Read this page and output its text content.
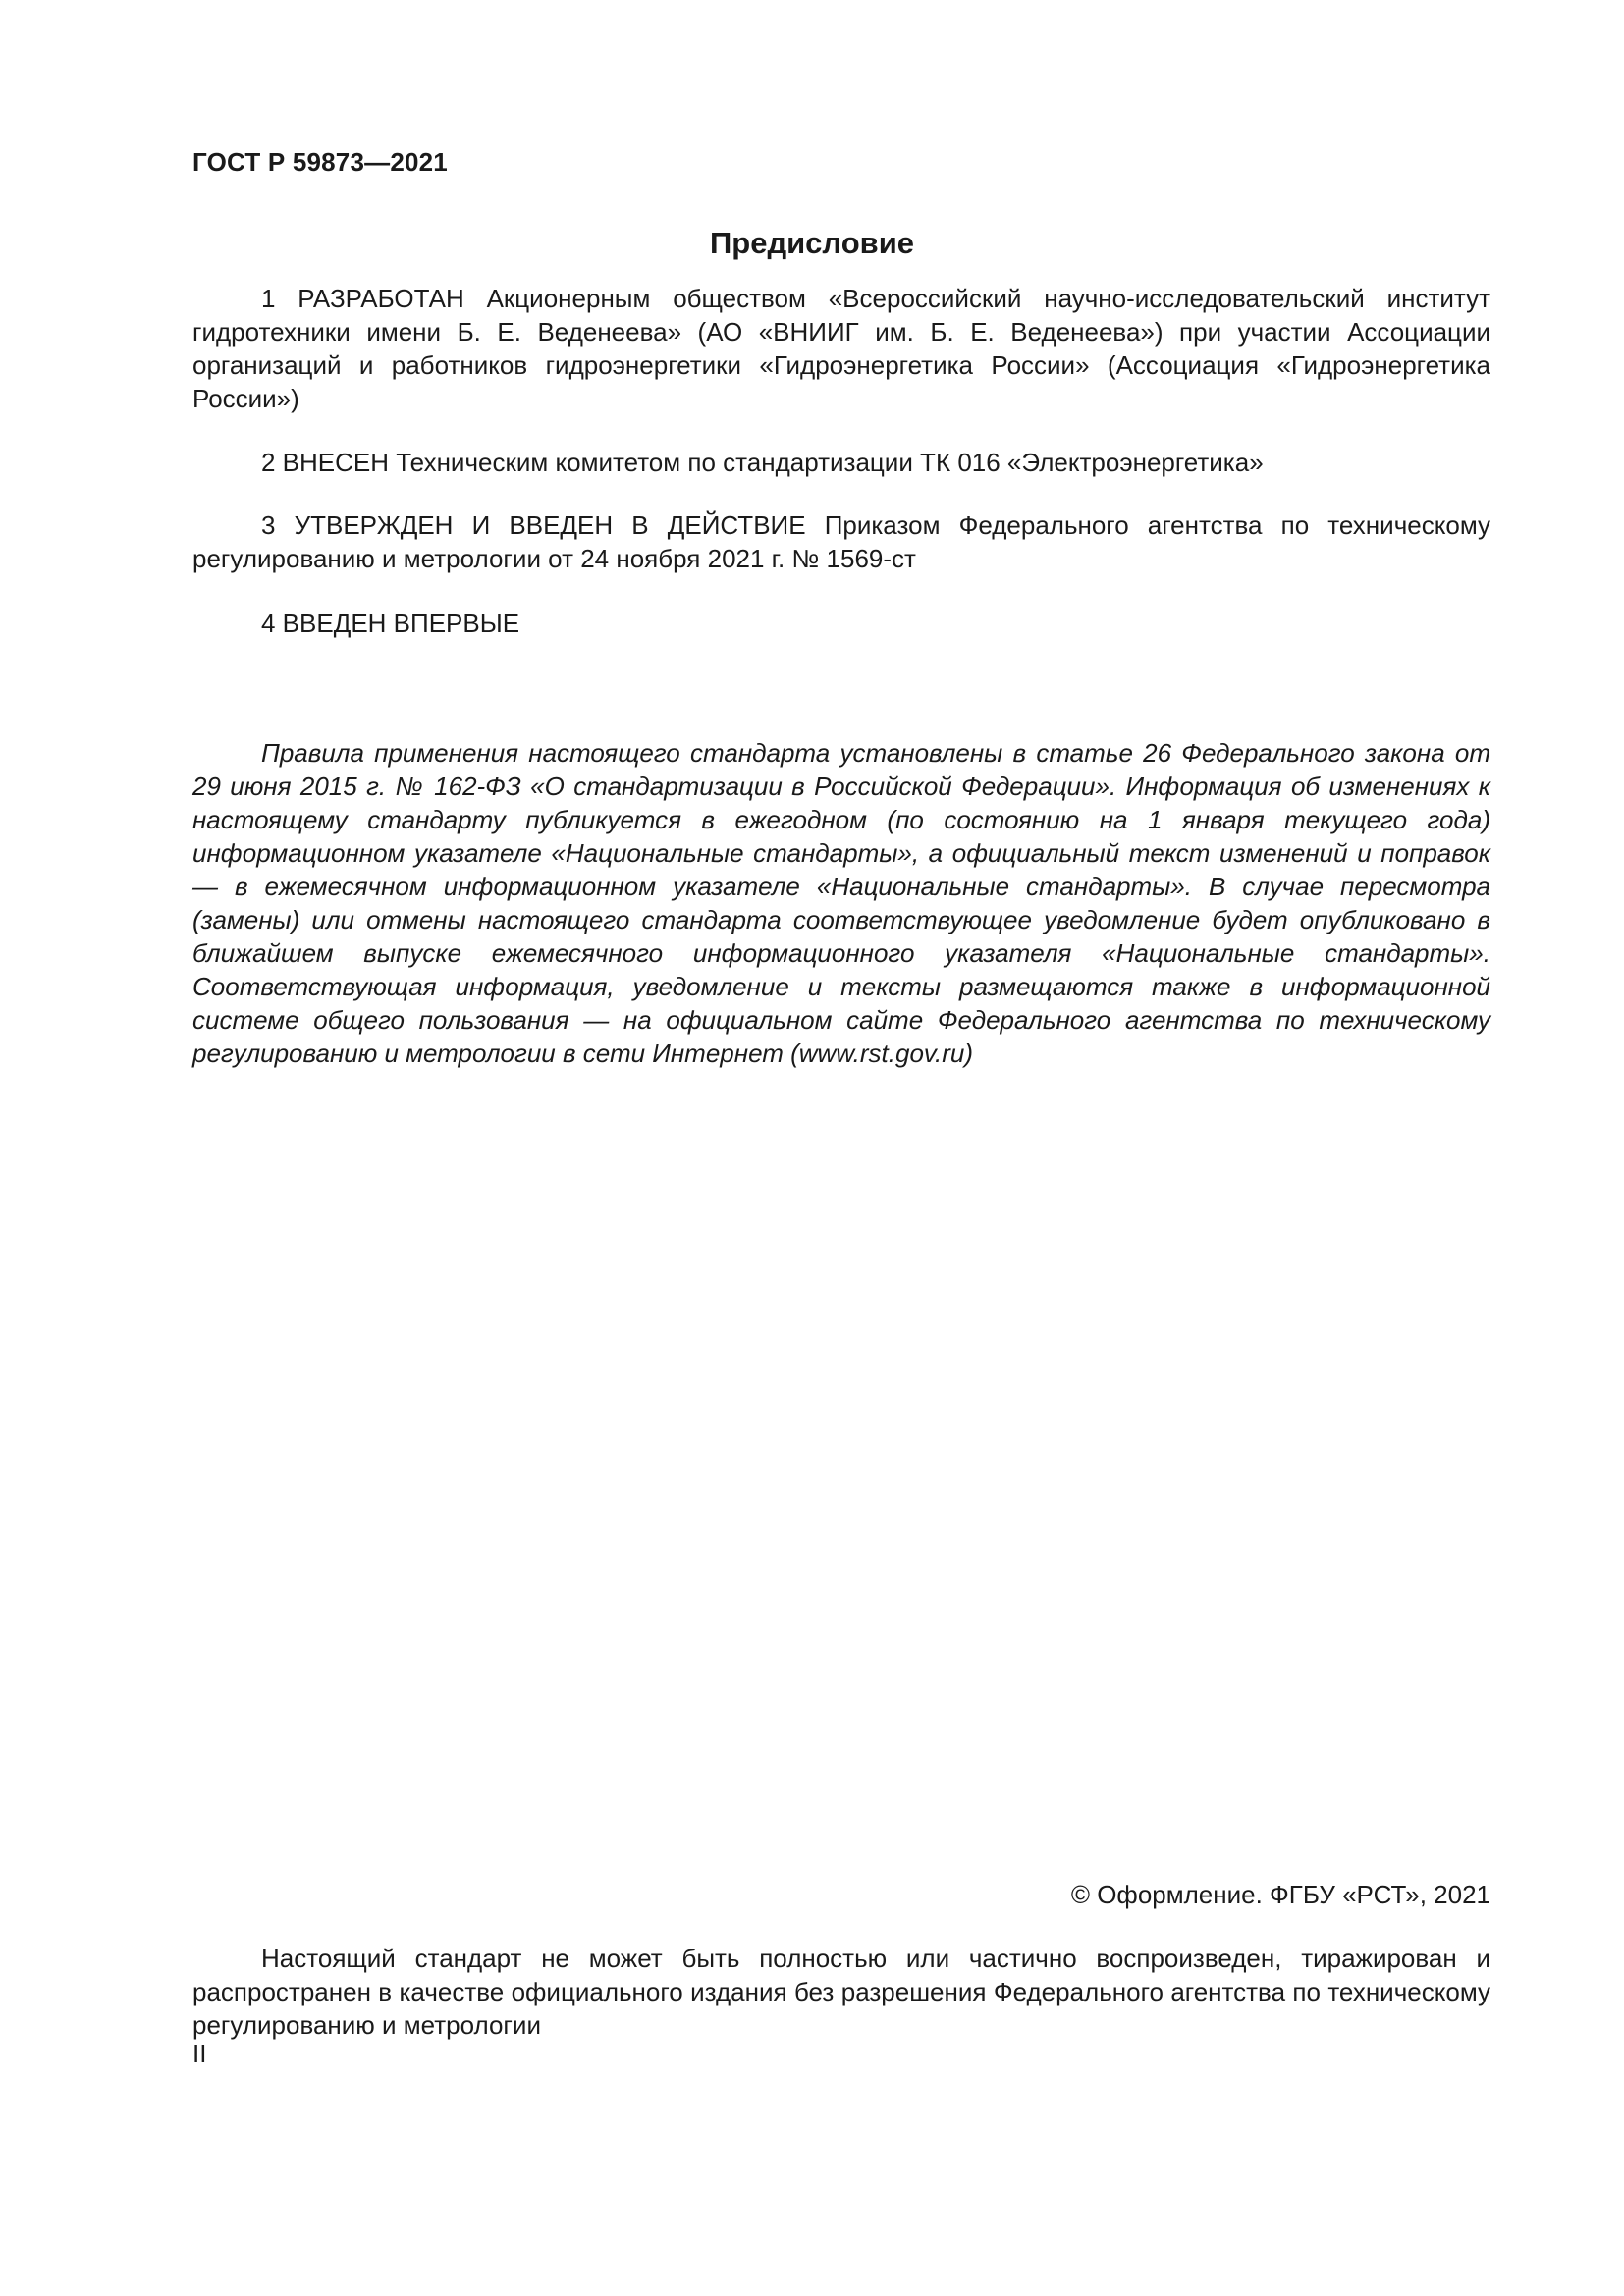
ГОСТ Р 59873—2021
Предисловие

1 РАЗРАБОТАН Акционерным обществом «Всероссийский научно-исследовательский институт гидротехники имени Б. Е. Веденеева» (АО «ВНИИГ им. Б. Е. Веденеева») при участии Ассоциации организаций и работников гидроэнергетики «Гидроэнергетика России» (Ассоциация «Гидроэнергетика России»)

2 ВНЕСЕН Техническим комитетом по стандартизации ТК 016 «Электроэнергетика»

3 УТВЕРЖДЕН И ВВЕДЕН В ДЕЙСТВИЕ Приказом Федерального агентства по техническому регулированию и метрологии от 24 ноября 2021 г. № 1569-ст

4 ВВЕДЕН ВПЕРВЫЕ

Правила применения настоящего стандарта установлены в статье 26 Федерального закона от 29 июня 2015 г. № 162-ФЗ «О стандартизации в Российской Федерации». Информация об изменениях к настоящему стандарту публикуется в ежегодном (по состоянию на 1 января текущего года) информационном указателе «Национальные стандарты», а официальный текст изменений и поправок — в ежемесячном информационном указателе «Национальные стандарты». В случае пересмотра (замены) или отмены настоящего стандарта соответствующее уведомление будет опубликовано в ближайшем выпуске ежемесячного информационного указателя «Национальные стандарты». Соответствующая информация, уведомление и тексты размещаются также в информационной системе общего пользования — на официальном сайте Федерального агентства по техническому регулированию и метрологии в сети Интернет (www.rst.gov.ru)

© Оформление. ФГБУ «РСТ», 2021

Настоящий стандарт не может быть полностью или частично воспроизведен, тиражирован и распространен в качестве официального издания без разрешения Федерального агентства по техническому регулированию и метрологии

II
